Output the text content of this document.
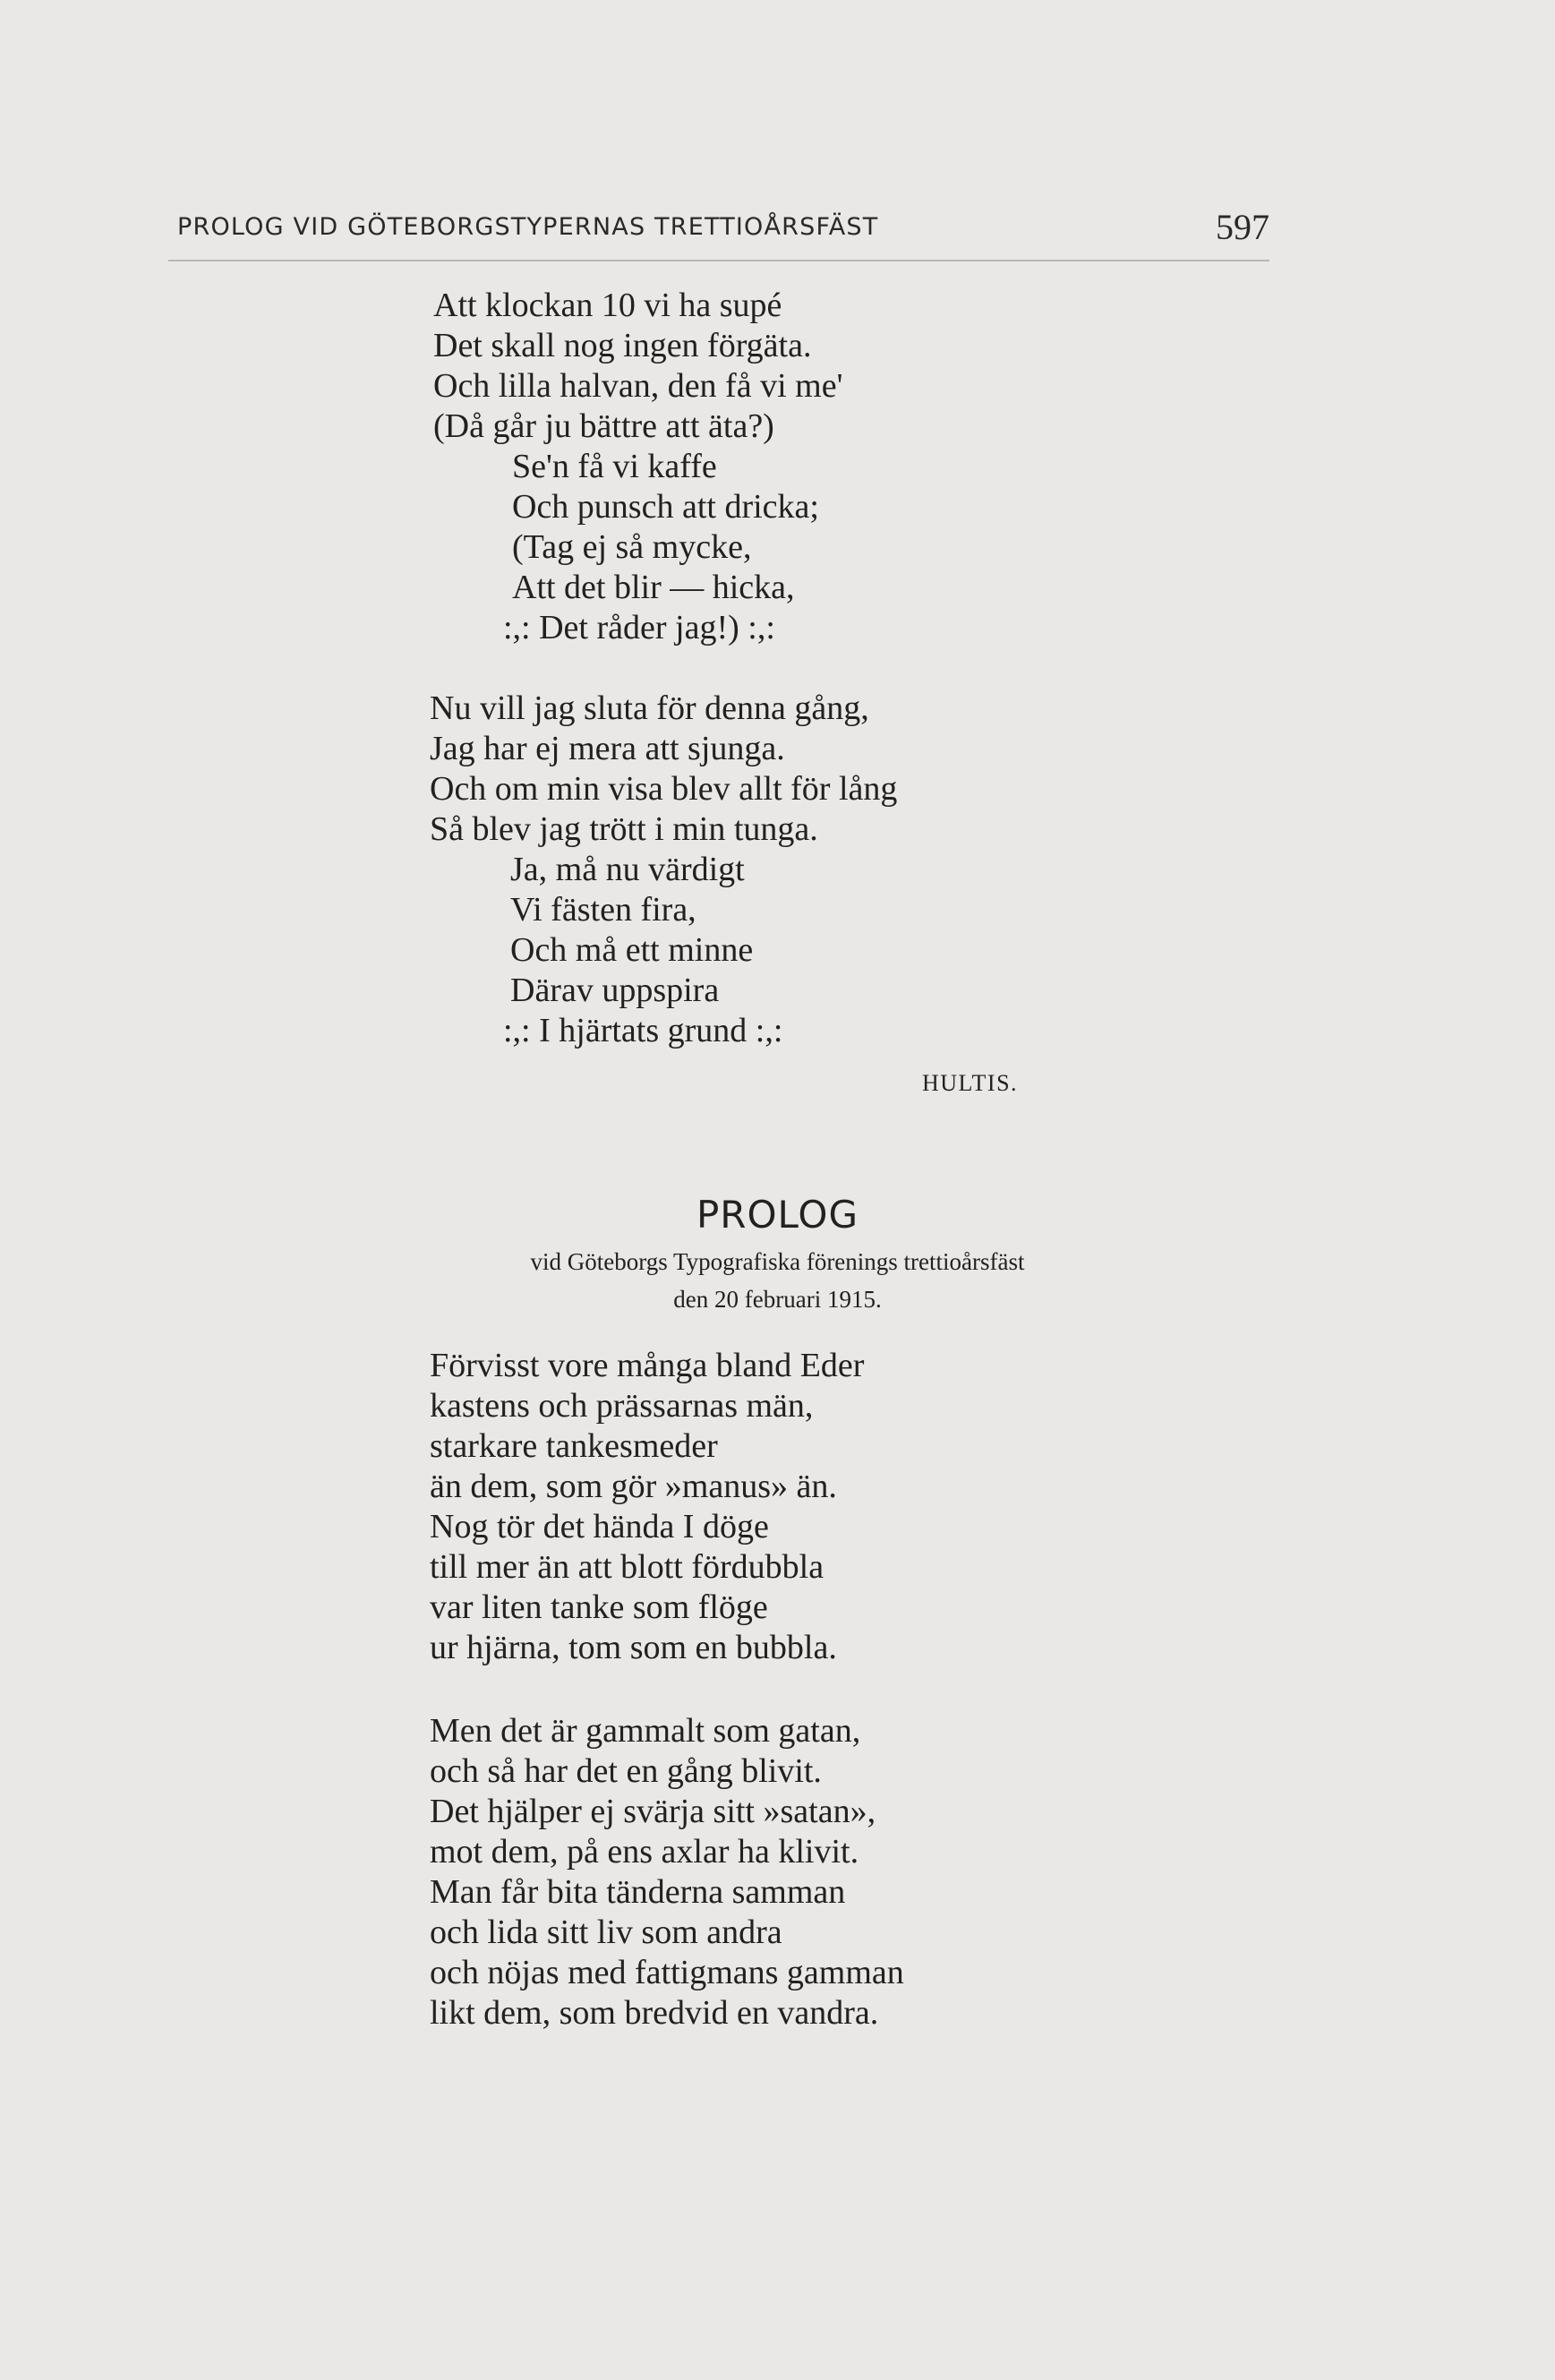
PROLOG VID GÖTEBORGSTYPERNAS TRETTIOÅRSFÄST	597
Att klockan 10 vi ha supé
Det skall nog ingen förgäta.
Och lilla halvan, den få vi me'
(Då går ju bättre att äta?)
Se'n få vi kaffe
Och punsch att dricka;
(Tag ej så mycke,
Att det blir — hicka,
:,: Det råder jag!) :,:
Nu vill jag sluta för denna gång,
Jag har ej mera att sjunga.
Och om min visa blev allt för lång
Så blev jag trött i min tunga.
Ja, må nu värdigt
Vi fästen fira,
Och må ett minne
Därav uppspira
:,: I hjärtats grund :,:
HULTIS.
PROLOG
vid Göteborgs Typografiska förenings trettioårsfäst
den 20 februari 1915.
Förvisst vore många bland Eder
kastens och prässarnas män,
starkare tankesmeder
än dem, som gör »manus» än.
Nog tör det hända I döge
till mer än att blott fördubbla
var liten tanke som flöge
ur hjärna, tom som en bubbla.
Men det är gammalt som gatan,
och så har det en gång blivit.
Det hjälper ej svärja sitt »satan»,
mot dem, på ens axlar ha klivit.
Man får bita tänderna samman
och lida sitt liv som andra
och nöjas med fattigmans gamman
likt dem, som bredvid en vandra.
